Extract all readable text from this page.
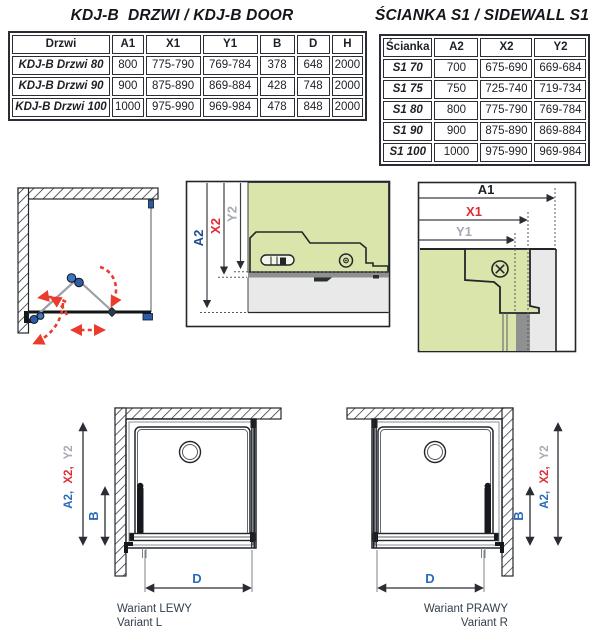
KDJ-B  DRZWI / KDJ-B DOOR	ŚCIANKA S1 / SIDEWALL S1
Drzwi	A1	X1	Y1	B	D	H
KDJ-B Drzwi 80	800	775-790	769-784	378	648	2000
KDJ-B Drzwi 90	900	875-890	869-884	428	748	2000
KDJ-B Drzwi 100	1000	975-990	969-984	478	848	2000
Ścianka	A2	X2	Y2
S1 70	700	675-690	669-684
S1 75	750	725-740	719-734
S1 80	800	775-790	769-784
S1 90	900	875-890	869-884
S1 100	1000	975-990	969-984
A2
X2
Y2
A1
X1
Y1
A2, X2, Y2
B
D
A2, X2, Y2
B
D
Wariant LEWY
Variant L
Wariant PRAWY
Variant R
